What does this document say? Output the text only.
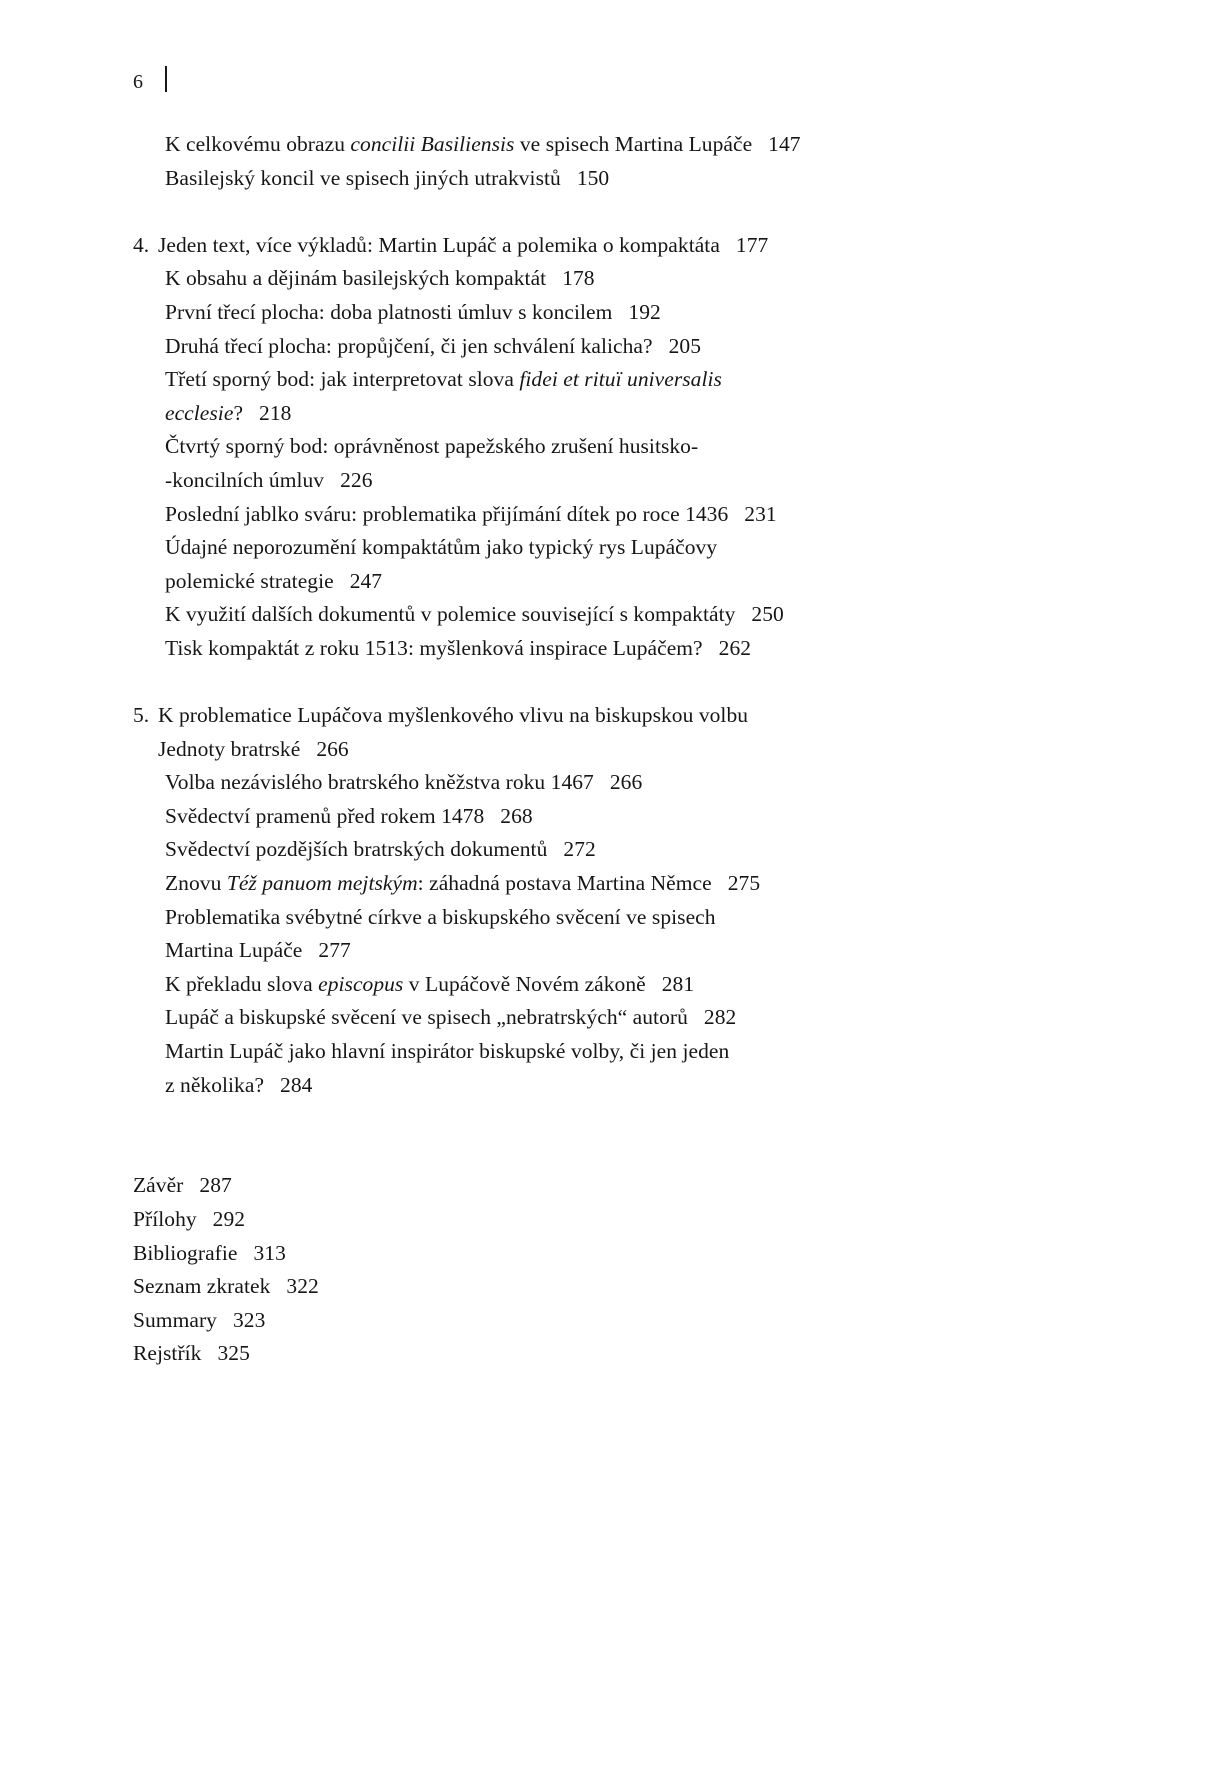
6
K celkovému obrazu concilii Basiliensis ve spisech Martina Lupáče 147
Basilejský koncil ve spisech jiných utrakvistů 150
4. Jeden text, více výkladů: Martin Lupáč a polemika o kompaktáta 177
K obsahu a dějinám basilejských kompaktát 178
První třecí plocha: doba platnosti úmluv s koncilem 192
Druhá třecí plocha: propůjčení, či jen schválení kalicha? 205
Třetí sporný bod: jak interpretovat slova fidei et rituï universalis
ecclesie? 218
Čtvrtý sporný bod: oprávněnost papežského zrušení husitsko-
-koncilních úmluv 226
Poslední jablko sváru: problematika přijímání dítek po roce 1436 231
Údajné neporozumění kompaktátům jako typický rys Lupáčovy
polemické strategie 247
K využití dalších dokumentů v polemice související s kompaktáty 250
Tisk kompaktát z roku 1513: myšlenková inspirace Lupáčem? 262
5. K problematice Lupáčova myšlenkového vlivu na biskupskou volbu
Jednoty bratrské 266
Volba nezávislého bratrského kněžstva roku 1467 266
Svědectví pramenů před rokem 1478 268
Svědectví pozdějších bratrských dokumentů 272
Znovu Též panuom mejtským: záhadná postava Martina Němce 275
Problematika svébytné církve a biskupského svěcení ve spisech
Martina Lupáče 277
K překladu slova episcopus v Lupáčově Novém zákoně 281
Lupáč a biskupské svěcení ve spisech „nebratrských“ autorů 282
Martin Lupáč jako hlavní inspirátor biskupské volby, či jen jeden
z několika? 284
Závěr 287
Přílohy 292
Bibliografie 313
Seznam zkratek 322
Summary 323
Rejstřík 325
